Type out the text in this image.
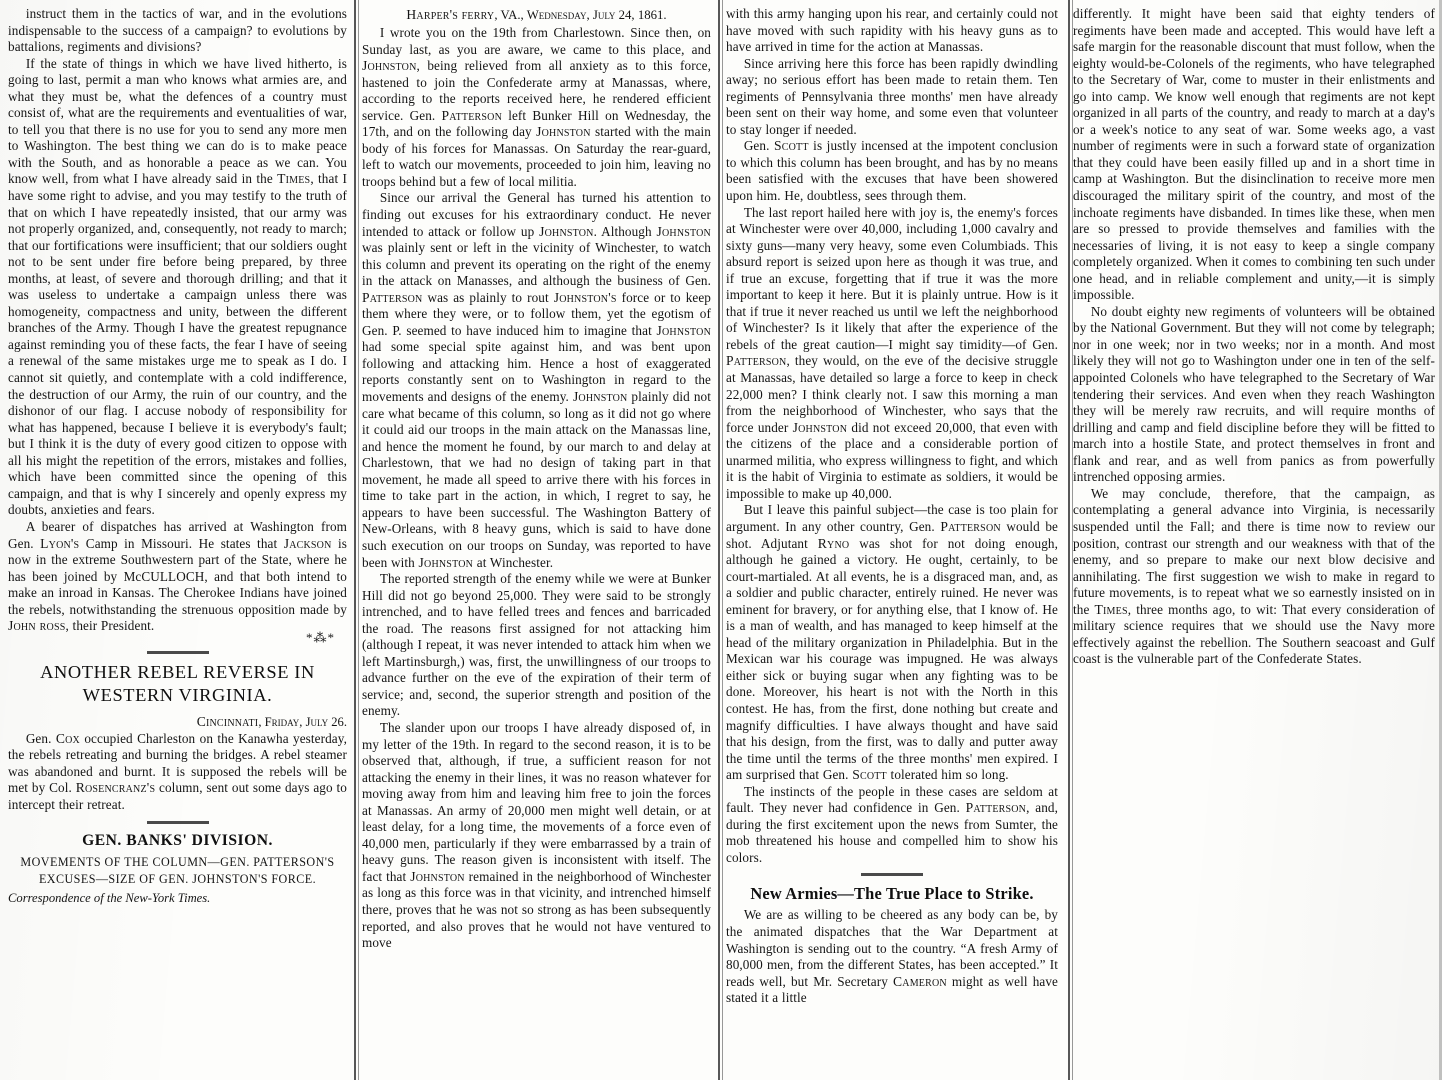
instruct them in the tactics of war, and in the evolutions indispensable to the success of a campaign? to evolutions by battalions, regiments and divisions?

If the state of things in which we have lived hitherto, is going to last, permit a man who knows what armies are, and what they must be, what the defences of a country must consist of, what are the requirements and eventualities of war, to tell you that there is no use for you to send any more men to Washington. The best thing we can do is to make peace with the South, and as honorable a peace as we can. You know well, from what I have already said in the Times, that I have some right to advise, and you may testify to the truth of that on which I have repeatedly insisted, that our army was not properly organized, and, consequently, not ready to march; that our fortifications were insufficient; that our soldiers ought not to be sent under fire before being prepared, by three months, at least, of severe and thorough drilling; and that it was useless to undertake a campaign unless there was homogeneity, compactness and unity, between the different branches of the Army. Though I have the greatest repugnance against reminding you of these facts, the fear I have of seeing a renewal of the same mistakes urge me to speak as I do. I cannot sit quietly, and contemplate with a cold indifference, the destruction of our Army, the ruin of our country, and the dishonor of our flag. I accuse nobody of responsibility for what has happened, because I believe it is everybody's fault; but I think it is the duty of every good citizen to oppose with all his might the repetition of the errors, mistakes and follies, which have been committed since the opening of this campaign, and that is why I sincerely and openly express my doubts, anxieties and fears.

A bearer of dispatches has arrived at Washington from Gen. Lyon's Camp in Missouri. He states that Jackson is now in the extreme Southwestern part of the State, where he has been joined by McCULLOCH, and that both intend to make an inroad in Kansas. The Cherokee Indians have joined the rebels, notwithstanding the strenuous opposition made by John ross, their President.

*⁂*
ANOTHER REBEL REVERSE IN WESTERN VIRGINIA.
Cincinnati, Friday, July 26.

Gen. Cox occupied Charleston on the Kanawha yesterday, the rebels retreating and burning the bridges. A rebel steamer was abandoned and burnt. It is supposed the rebels will be met by Col. Rosencranz's column, sent out some days ago to intercept their retreat.

GEN. BANKS' DIVISION.
MOVEMENTS OF THE COLUMN—GEN. PATTERSON'S
EXCUSES—SIZE OF GEN. JOHNSTON'S FORCE.
Correspondence of the New-York Times.
Harper's ferry, VA., Wednesday, July 24, 1861.

I wrote you on the 19th from Charlestown. Since then, on Sunday last, as you are aware, we came to this place, and Johnston, being relieved from all anxiety as to this force, hastened to join the Confederate army at Manassas, where, according to the reports received here, he rendered efficient service. Gen. Patterson left Bunker Hill on Wednesday, the 17th, and on the following day Johnston started with the main body of his forces for Manassas. On Saturday the rear-guard, left to watch our movements, proceeded to join him, leaving no troops behind but a few of local militia.

Since our arrival the General has turned his attention to finding out excuses for his extraordinary conduct. He never intended to attack or follow up Johnston. Although Johnston was plainly sent or left in the vicinity of Winchester, to watch this column and prevent its operating on the right of the enemy in the attack on Manasses, and although the business of Gen. Patterson was as plainly to rout Johnston's force or to keep them where they were, or to follow them, yet the egotism of Gen. P. seemed to have induced him to imagine that Johnston had some special spite against him, and was bent upon following and attacking him. Hence a host of exaggerated reports constantly sent on to Washington in regard to the movements and designs of the enemy. Johnston plainly did not care what became of this column, so long as it did not go where it could aid our troops in the main attack on the Manassas line, and hence the moment he found, by our march to and delay at Charlestown, that we had no design of taking part in that movement, he made all speed to arrive there with his forces in time to take part in the action, in which, I regret to say, he appears to have been successful. The Washington Battery of New-Orleans, with 8 heavy guns, which is said to have done such execution on our troops on Sunday, was reported to have been with Johnston at Winchester.

The reported strength of the enemy while we were at Bunker Hill did not go beyond 25,000. They were said to be strongly intrenched, and to have felled trees and fences and barricaded the road. The reasons first assigned for not attacking him (although I repeat, it was never intended to attack him when we left Martinsburgh,) was, first, the unwillingness of our troops to advance further on the eve of the expiration of their term of service; and, second, the superior strength and position of the enemy.

The slander upon our troops I have already disposed of, in my letter of the 19th. In regard to the second reason, it is to be observed that, although, if true, a sufficient reason for not attacking the enemy in their lines, it was no reason whatever for moving away from him and leaving him free to join the forces at Manassas. An army of 20,000 men might well detain, or at least delay, for a long time, the movements of a force even of 40,000 men, particularly if they were embarrassed by a train of heavy guns. The reason given is inconsistent with itself. The fact that Johnston remained in the neighborhood of Winchester as long as this force was in that vicinity, and intrenched himself there, proves that he was not so strong as has been subsequently reported, and also proves that he would not have ventured to move

with this army hanging upon his rear, and certainly could not have moved with such rapidity with his heavy guns as to have arrived in time for the action at Manassas.

Since arriving here this force has been rapidly dwindling away; no serious effort has been made to retain them. Ten regiments of Pennsylvania three months' men have already been sent on their way home, and some even that volunteer to stay longer if needed.

Gen. Scott is justly incensed at the impotent conclusion to which this column has been brought, and has by no means been satisfied with the excuses that have been showered upon him. He, doubtless, sees through them.

The last report hailed here with joy is, the enemy's forces at Winchester were over 40,000, including 1,000 cavalry and sixty guns—many very heavy, some even Columbiads. This absurd report is seized upon here as though it was true, and if true an excuse, forgetting that if true it was the more important to keep it here. But it is plainly untrue. How is it that if true it never reached us until we left the neighborhood of Winchester? Is it likely that after the experience of the rebels of the great caution—I might say timidity—of Gen. Patterson, they would, on the eve of the decisive struggle at Manassas, have detailed so large a force to keep in check 22,000 men? I think clearly not. I saw this morning a man from the neighborhood of Winchester, who says that the force under Johnston did not exceed 20,000, that even with the citizens of the place and a considerable portion of unarmed militia, who express willingness to fight, and which it is the habit of Virginia to estimate as soldiers, it would be impossible to make up 40,000.

But I leave this painful subject—the case is too plain for argument. In any other country, Gen. Patterson would be shot. Adjutant Ryno was shot for not doing enough, although he gained a victory. He ought, certainly, to be court-martialed. At all events, he is a disgraced man, and, as a soldier and public character, entirely ruined. He never was eminent for bravery, or for anything else, that I know of. He is a man of wealth, and has managed to keep himself at the head of the military organization in Philadelphia. But in the Mexican war his courage was impugned. He was always either sick or buying sugar when any fighting was to be done. Moreover, his heart is not with the North in this contest. He has, from the first, done nothing but create and magnify difficulties. I have always thought and have said that his design, from the first, was to dally and putter away the time until the terms of the three months' men expired. I am surprised that Gen. Scott tolerated him so long.

The instincts of the people in these cases are seldom at fault. They never had confidence in Gen. Patterson, and, during the first excitement upon the news from Sumter, the mob threatened his house and compelled him to show his colors.

New Armies—The True Place to Strike.

We are as willing to be cheered as any body can be, by the animated dispatches that the War Department at Washington is sending out to the country. “A fresh Army of 80,000 men, from the different States, has been accepted.” It reads well, but Mr. Secretary Cameron might as well have stated it a little

differently. It might have been said that eighty tenders of regiments have been made and accepted. This would have left a safe margin for the reasonable discount that must follow, when the eighty would-be-Colonels of the regiments, who have telegraphed to the Secretary of War, come to muster in their enlistments and go into camp. We know well enough that regiments are not kept organized in all parts of the country, and ready to march at a day's or a week's notice to any seat of war. Some weeks ago, a vast number of regiments were in such a forward state of organization that they could have been easily filled up and in a short time in camp at Washington. But the disinclination to receive more men discouraged the military spirit of the country, and most of the inchoate regiments have disbanded. In times like these, when men are so pressed to provide themselves and families with the necessaries of living, it is not easy to keep a single company completely organized. When it comes to combining ten such under one head, and in reliable complement and unity,—it is simply impossible.

No doubt eighty new regiments of volunteers will be obtained by the National Government. But they will not come by telegraph; nor in one week; nor in two weeks; nor in a month. And most likely they will not go to Washington under one in ten of the self-appointed Colonels who have telegraphed to the Secretary of War tendering their services. And even when they reach Washington they will be merely raw recruits, and will require months of drilling and camp and field discipline before they will be fitted to march into a hostile State, and protect themselves in front and flank and rear, and as well from panics as from powerfully intrenched opposing armies.

We may conclude, therefore, that the campaign, as contemplating a general advance into Virginia, is necessarily suspended until the Fall; and there is time now to review our position, contrast our strength and our weakness with that of the enemy, and so prepare to make our next blow decisive and annihilating. The first suggestion we wish to make in regard to future movements, is to repeat what we so earnestly insisted on in the Times, three months ago, to wit: That every consideration of military science requires that we should use the Navy more effectively against the rebellion. The Southern seacoast and Gulf coast is the vulnerable part of the Confederate States.
